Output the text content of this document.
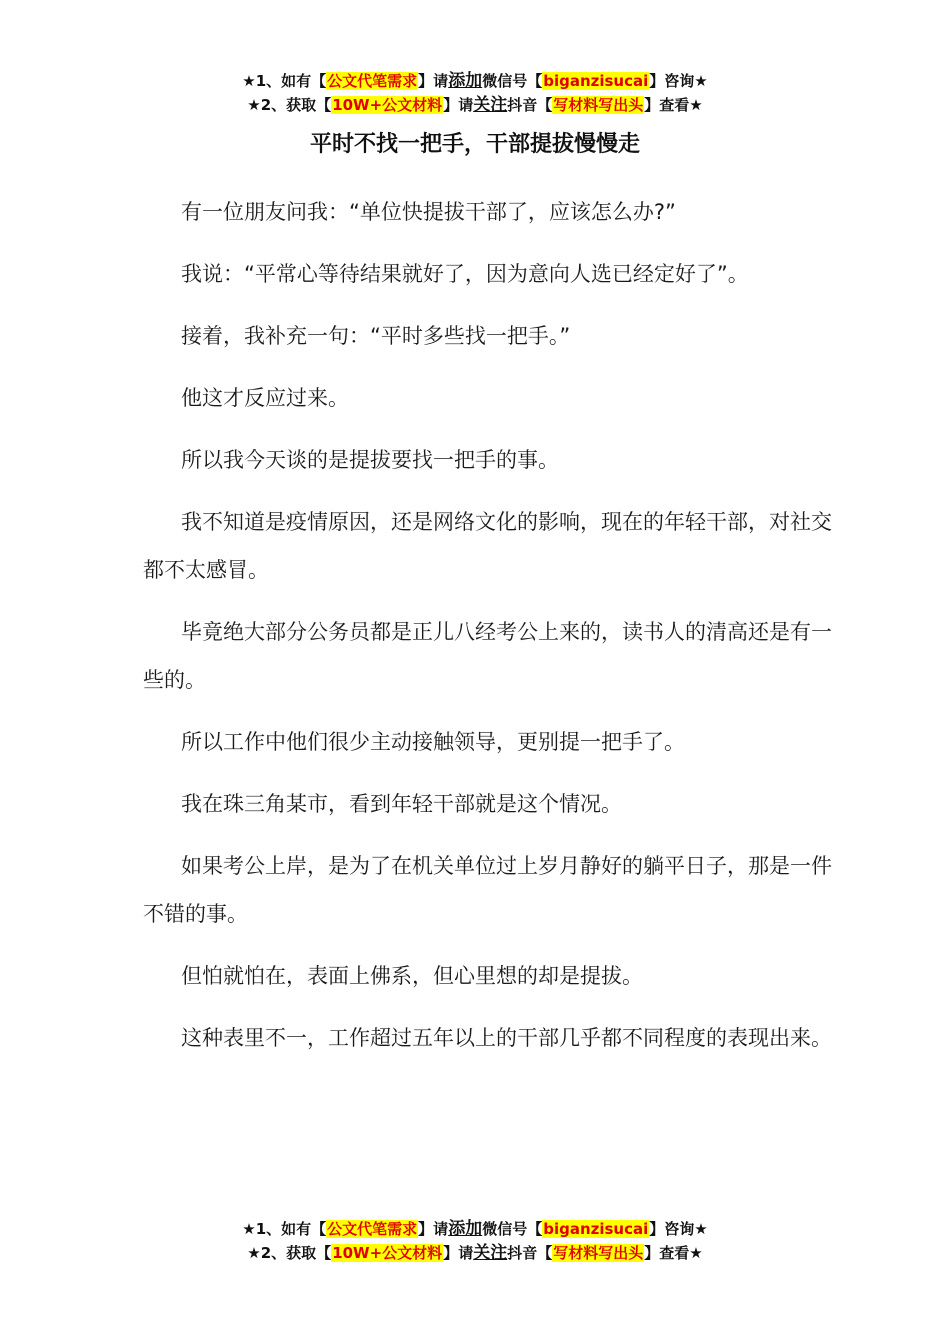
★1、如有【公文代笔需求】请添加微信号【biganzisucai】咨询★
★2、获取【10W+公文材料】请关注抖音【写材料写出头】查看★
平时不找一把手，干部提拔慢慢走

有一位朋友问我：“单位快提拔干部了，应该怎么办?”

我说：“平常心等待结果就好了，因为意向人选已经定好了”。

接着，我补充一句：“平时多些找一把手。”

他这才反应过来。

所以我今天谈的是提拔要找一把手的事。

我不知道是疫情原因，还是网络文化的影响，现在的年轻干部，对社交都不太感冒。

毕竟绝大部分公务员都是正儿八经考公上来的，读书人的清高还是有一些的。

所以工作中他们很少主动接触领导，更别提一把手了。

我在珠三角某市，看到年轻干部就是这个情况。

如果考公上岸，是为了在机关单位过上岁月静好的躺平日子，那是一件不错的事。

但怕就怕在，表面上佛系，但心里想的却是提拔。

这种表里不一，工作超过五年以上的干部几乎都不同程度的表现出来。

★1、如有【公文代笔需求】请添加微信号【biganzisucai】咨询★
★2、获取【10W+公文材料】请关注抖音【写材料写出头】查看★
